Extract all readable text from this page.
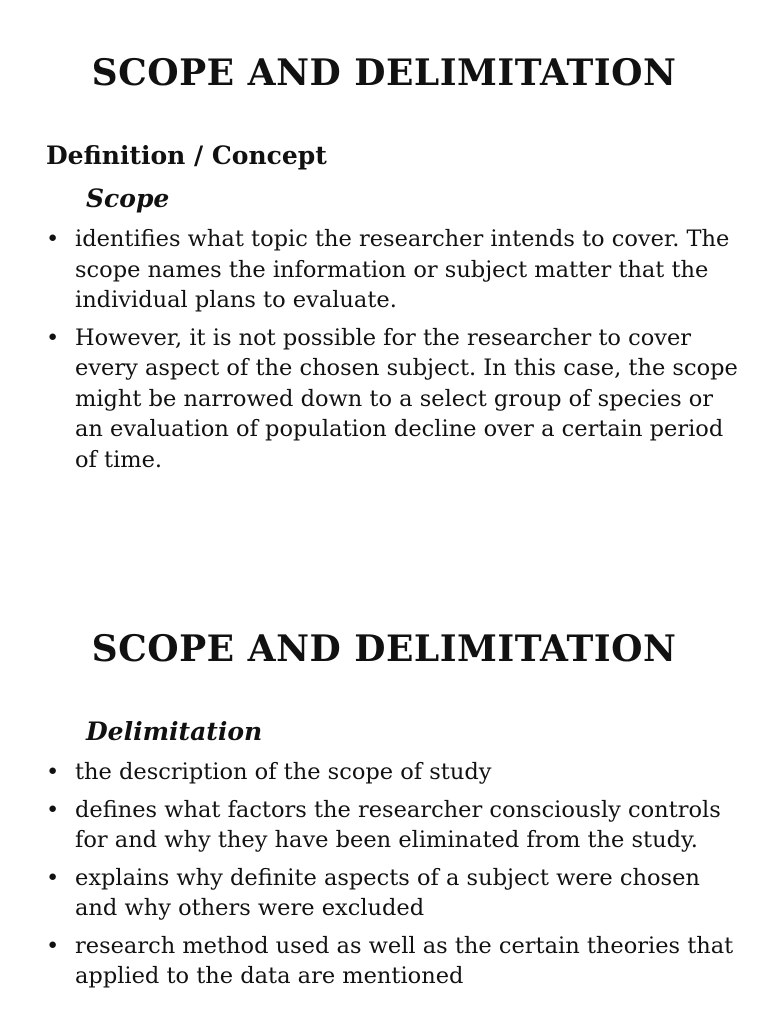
SCOPE AND DELIMITATION
Definition / Concept
Scope
• identifies what topic the researcher intends to cover. The scope names the information or subject matter that the individual plans to evaluate.
• However, it is not possible for the researcher to cover every aspect of the chosen subject. In this case, the scope might be narrowed down to a select group of species or an evaluation of population decline over a certain period of time.
SCOPE AND DELIMITATION
Delimitation
• the description of the scope of study
• defines what factors the researcher consciously controls for and why they have been eliminated from the study.
• explains why definite aspects of a subject were chosen and why others were excluded
• research method used as well as the certain theories that applied to the data are mentioned
